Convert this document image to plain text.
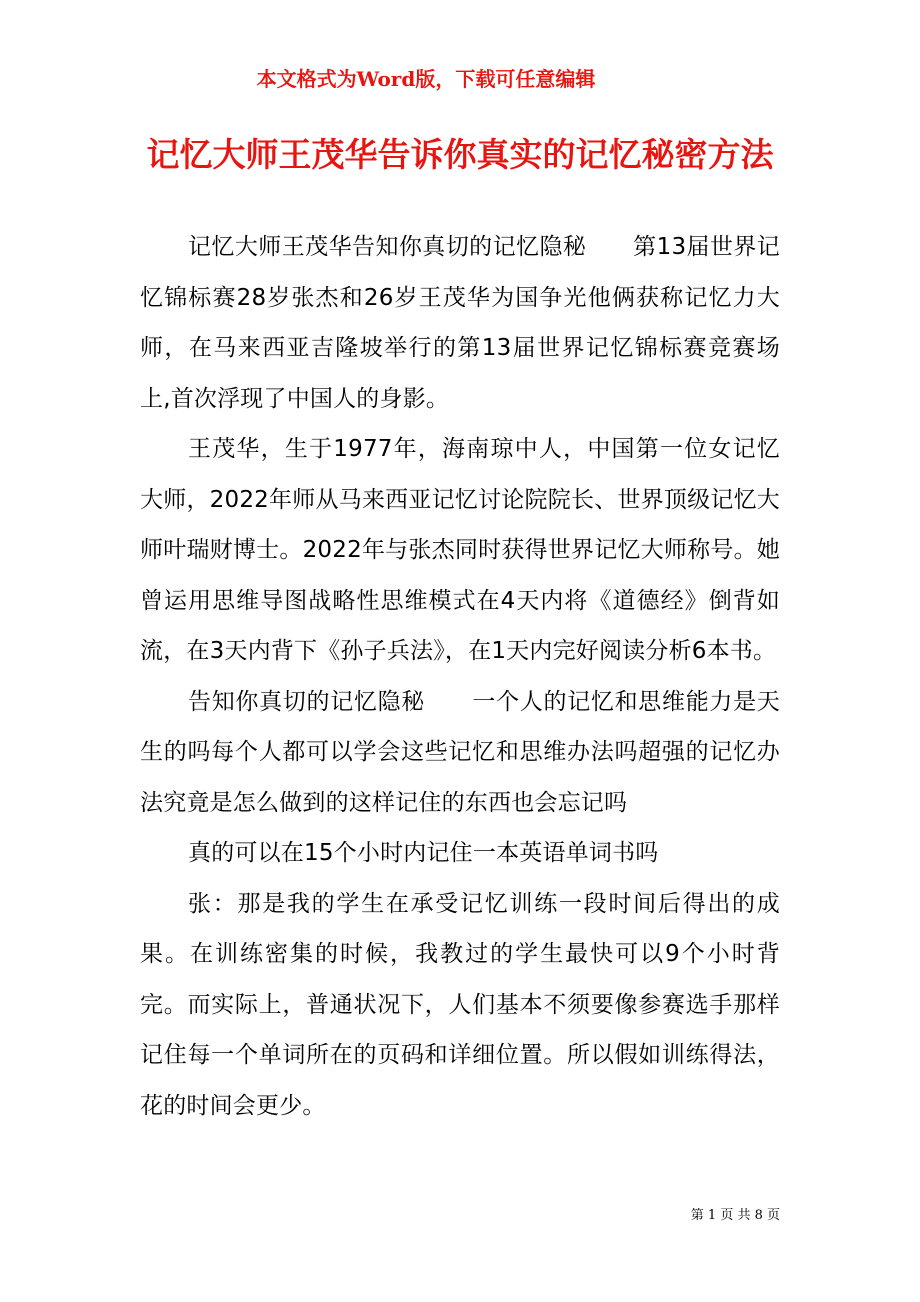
本文格式为Word版，下载可任意编辑

记忆大师王茂华告诉你真实的记忆秘密方法

记忆大师王茂华告知你真切的记忆隐秘　　第13届世界记忆锦标赛28岁张杰和26岁王茂华为国争光他俩获称记忆力大师，在马来西亚吉隆坡举行的第13届世界记忆锦标赛竞赛场上,首次浮现了中国人的身影。

王茂华，生于1977年，海南琼中人，中国第一位女记忆大师，2022年师从马来西亚记忆讨论院院长、世界顶级记忆大师叶瑞财博士。2022年与张杰同时获得世界记忆大师称号。她曾运用思维导图战略性思维模式在4天内将《道德经》倒背如流，在3天内背下《孙子兵法》，在1天内完好阅读分析6本书。

告知你真切的记忆隐秘　　一个人的记忆和思维能力是天生的吗每个人都可以学会这些记忆和思维办法吗超强的记忆办法究竟是怎么做到的这样记住的东西也会忘记吗

真的可以在15个小时内记住一本英语单词书吗

张：那是我的学生在承受记忆训练一段时间后得出的成果。在训练密集的时候，我教过的学生最快可以9个小时背完。而实际上，普通状况下，人们基本不须要像参赛选手那样记住每一个单词所在的页码和详细位置。所以假如训练得法，花的时间会更少。

第 1 页 共 8 页
